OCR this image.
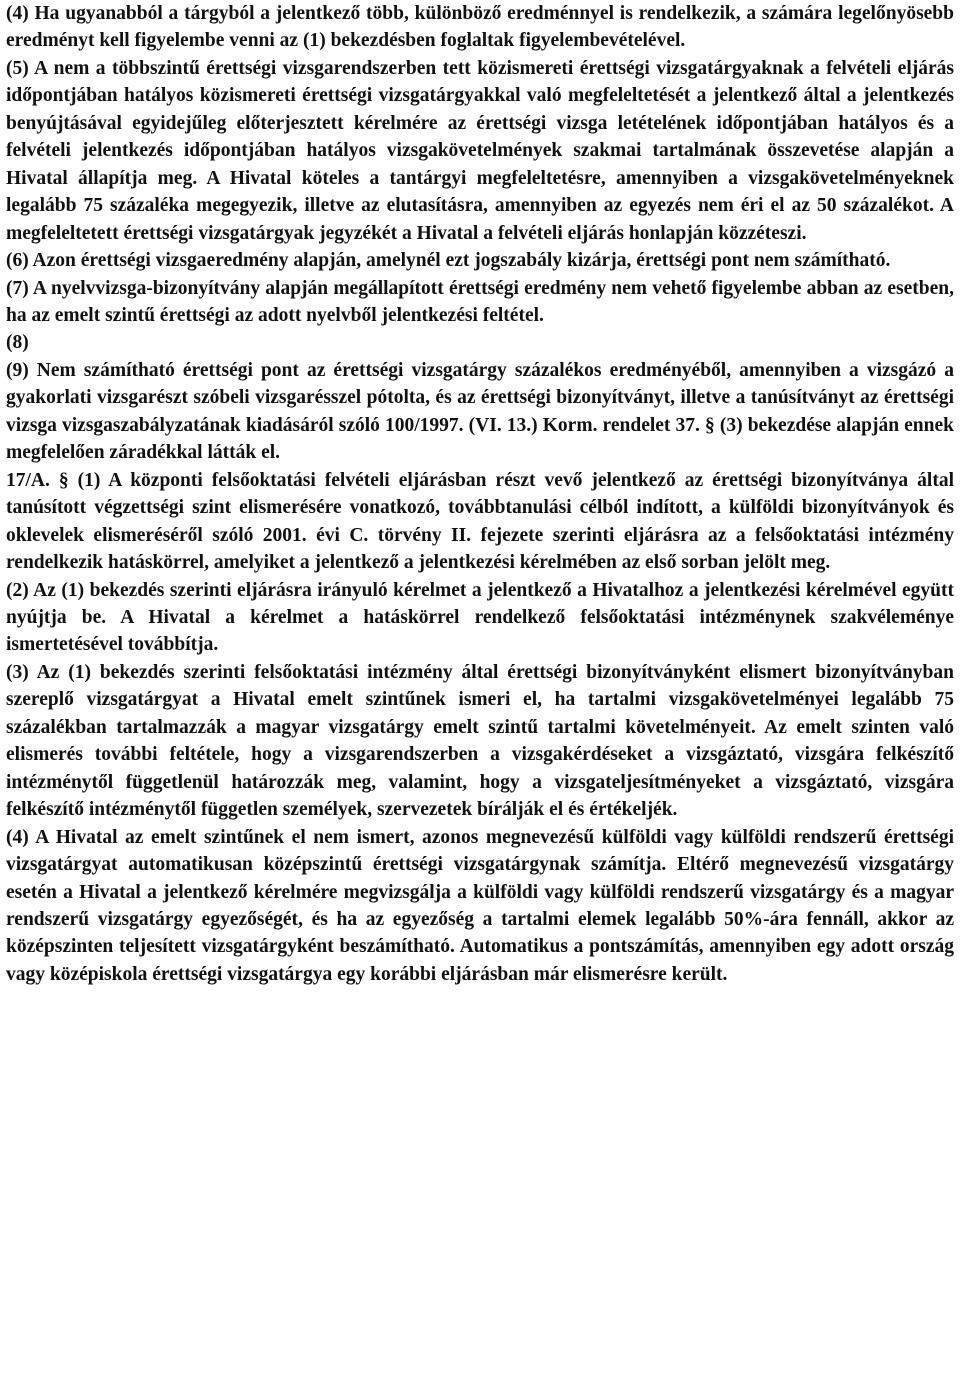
(4) Ha ugyanabból a tárgyból a jelentkező több, különböző eredménnyel is rendelkezik, a számára legelőnyösebb eredményt kell figyelembe venni az (1) bekezdésben foglaltak figyelembevételével.

(5) A nem a többszintű érettségi vizsgarendszerben tett közismereti érettségi vizsgatárgyaknak a felvételi eljárás időpontjában hatályos közismereti érettségi vizsgatárgyakkal való megfeleltetését a jelentkező által a jelentkezés benyújtásával egyidejűleg előterjesztett kérelmére az érettségi vizsga letételének időpontjában hatályos és a felvételi jelentkezés időpontjában hatályos vizsgakövetelmények szakmai tartalmának összevetése alapján a Hivatal állapítja meg. A Hivatal köteles a tantárgyi megfeleltetésre, amennyiben a vizsgakövetelményeknek legalább 75 százaléka megegyezik, illetve az elutasításra, amennyiben az egyezés nem éri el az 50 százalékot. A megfeleltetett érettségi vizsgatárgyak jegyzékét a Hivatal a felvételi eljárás honlapján közzéteszi.

(6) Azon érettségi vizsgaeredmény alapján, amelynél ezt jogszabály kizárja, érettségi pont nem számítható.

(7) A nyelvvizsga-bizonyítvány alapján megállapított érettségi eredmény nem vehető figyelembe abban az esetben, ha az emelt szintű érettségi az adott nyelvből jelentkezési feltétel.

(8)

(9) Nem számítható érettségi pont az érettségi vizsgatárgy százalékos eredményéből, amennyiben a vizsgázó a gyakorlati vizsgarészt szóbeli vizsgarésszel pótolta, és az érettségi bizonyítványt, illetve a tanúsítványt az érettségi vizsga vizsgaszabályzatának kiadásáról szóló 100/1997. (VI. 13.) Korm. rendelet 37. § (3) bekezdése alapján ennek megfelelően záradékkal látták el.

17/A. § (1) A központi felsőoktatási felvételi eljárásban részt vevő jelentkező az érettségi bizonyítványa által tanúsított végzettségi szint elismerésére vonatkozó, továbbtanulási célból indított, a külföldi bizonyítványok és oklevelek elismeréséről szóló 2001. évi C. törvény II. fejezete szerinti eljárásra az a felsőoktatási intézmény rendelkezik hatáskörrel, amelyiket a jelentkező a jelentkezési kérelmében az első sorban jelölt meg.

(2) Az (1) bekezdés szerinti eljárásra irányuló kérelmet a jelentkező a Hivatalhoz a jelentkezési kérelmével együtt nyújtja be. A Hivatal a kérelmet a hatáskörrel rendelkező felsőoktatási intézménynek szakvéleménye ismertetésével továbbítja.

(3) Az (1) bekezdés szerinti felsőoktatási intézmény által érettségi bizonyítványként elismert bizonyítványban szereplő vizsgatárgyat a Hivatal emelt szintűnek ismeri el, ha tartalmi vizsgakövetelményei legalább 75 százalékban tartalmazzák a magyar vizsgatárgy emelt szintű tartalmi követelményeit. Az emelt szinten való elismerés további feltétele, hogy a vizsgarendszerben a vizsgakérdéseket a vizsgáztató, vizsgára felkészítő intézménytől függetlenül határozzák meg, valamint, hogy a vizsgateljesítményeket a vizsgáztató, vizsgára felkészítő intézménytől független személyek, szervezetek bírálják el és értékeljék.

(4) A Hivatal az emelt szintűnek el nem ismert, azonos megnevezésű külföldi vagy külföldi rendszerű érettségi vizsgatárgyat automatikusan középszintű érettségi vizsgatárgynak számítja. Eltérő megnevezésű vizsgatárgy esetén a Hivatal a jelentkező kérelmére megvizsgálja a külföldi vagy külföldi rendszerű vizsgatárgy és a magyar rendszerű vizsgatárgy egyezőségét, és ha az egyezőség a tartalmi elemek legalább 50%-ára fennáll, akkor az középszinten teljesített vizsgatárgyként beszámítható. Automatikus a pontszámítás, amennyiben egy adott ország vagy középiskola érettségi vizsgatárgya egy korábbi eljárásban már elismerésre került.
